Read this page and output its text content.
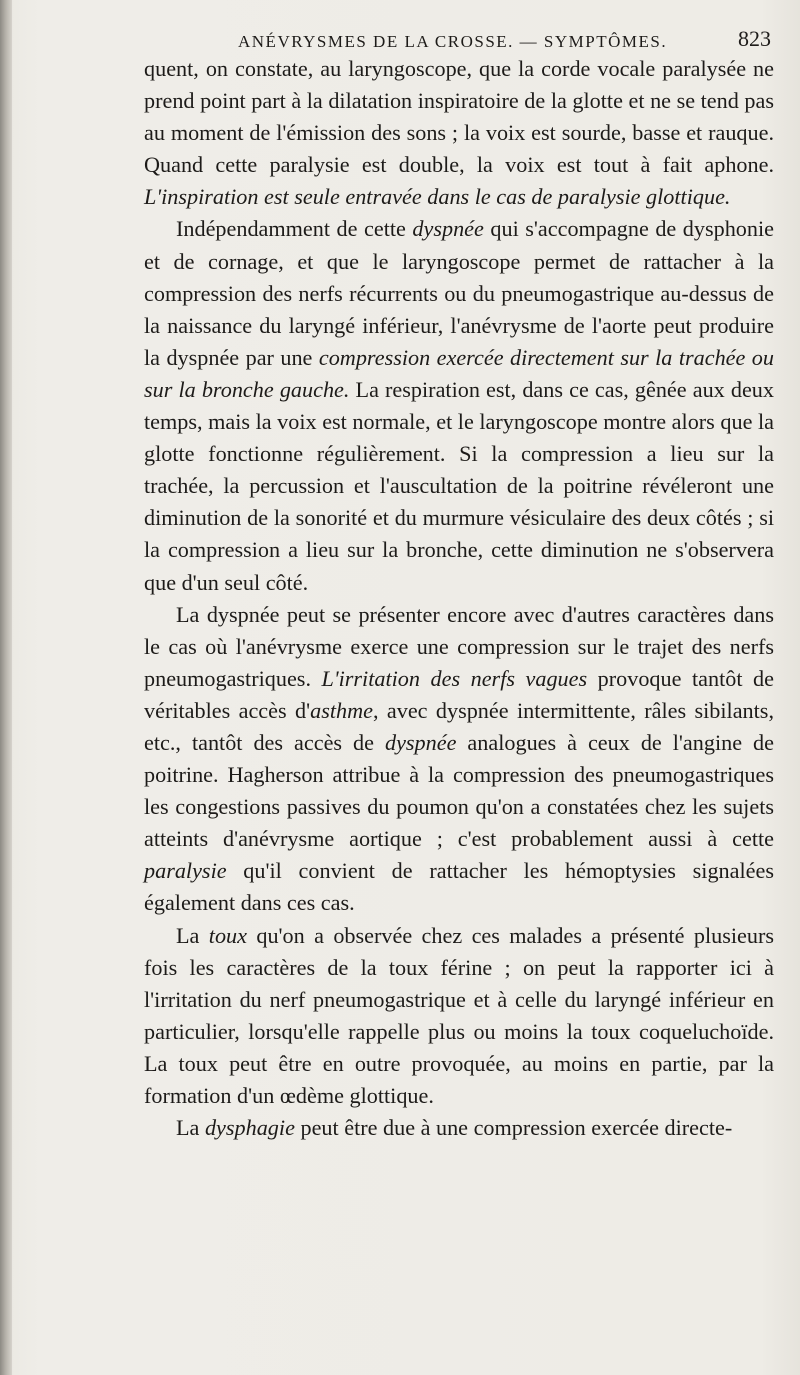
ANÉVRYSMES DE LA CROSSE. — SYMPTÔMES.	823

quent, on constate, au laryngoscope, que la corde vocale paralysée ne prend point part à la dilatation inspiratoire de la glotte et ne se tend pas au moment de l'émission des sons ; la voix est sourde, basse et rauque. Quand cette paralysie est double, la voix est tout à fait aphone. L'inspiration est seule entravée dans le cas de paralysie glottique.

Indépendamment de cette dyspnée qui s'accompagne de dysphonie et de cornage, et que le laryngoscope permet de rattacher à la compression des nerfs récurrents ou du pneumogastrique au-dessus de la naissance du laryngé inférieur, l'anévrysme de l'aorte peut produire la dyspnée par une compression exercée directement sur la trachée ou sur la bronche gauche. La respiration est, dans ce cas, gênée aux deux temps, mais la voix est normale, et le laryngoscope montre alors que la glotte fonctionne régulièrement. Si la compression a lieu sur la trachée, la percussion et l'auscultation de la poitrine révéleront une diminution de la sonorité et du murmure vésiculaire des deux côtés ; si la compression a lieu sur la bronche, cette diminution ne s'observera que d'un seul côté.

La dyspnée peut se présenter encore avec d'autres caractères dans le cas où l'anévrysme exerce une compression sur le trajet des nerfs pneumogastriques. L'irritation des nerfs vagues provoque tantôt de véritables accès d'asthme, avec dyspnée intermittente, râles sibilants, etc., tantôt des accès de dyspnée analogues à ceux de l'angine de poitrine. Hagherson attribue à la compression des pneumogastriques les congestions passives du poumon qu'on a constatées chez les sujets atteints d'anévrysme aortique ; c'est probablement aussi à cette paralysie qu'il convient de rattacher les hémoptysies signalées également dans ces cas.

La toux qu'on a observée chez ces malades a présenté plusieurs fois les caractères de la toux férine ; on peut la rapporter ici à l'irritation du nerf pneumogastrique et à celle du laryngé inférieur en particulier, lorsqu'elle rappelle plus ou moins la toux coqueluchoïde. La toux peut être en outre provoquée, au moins en partie, par la formation d'un œdème glottique.

La dysphagie peut être due à une compression exercée directe-
